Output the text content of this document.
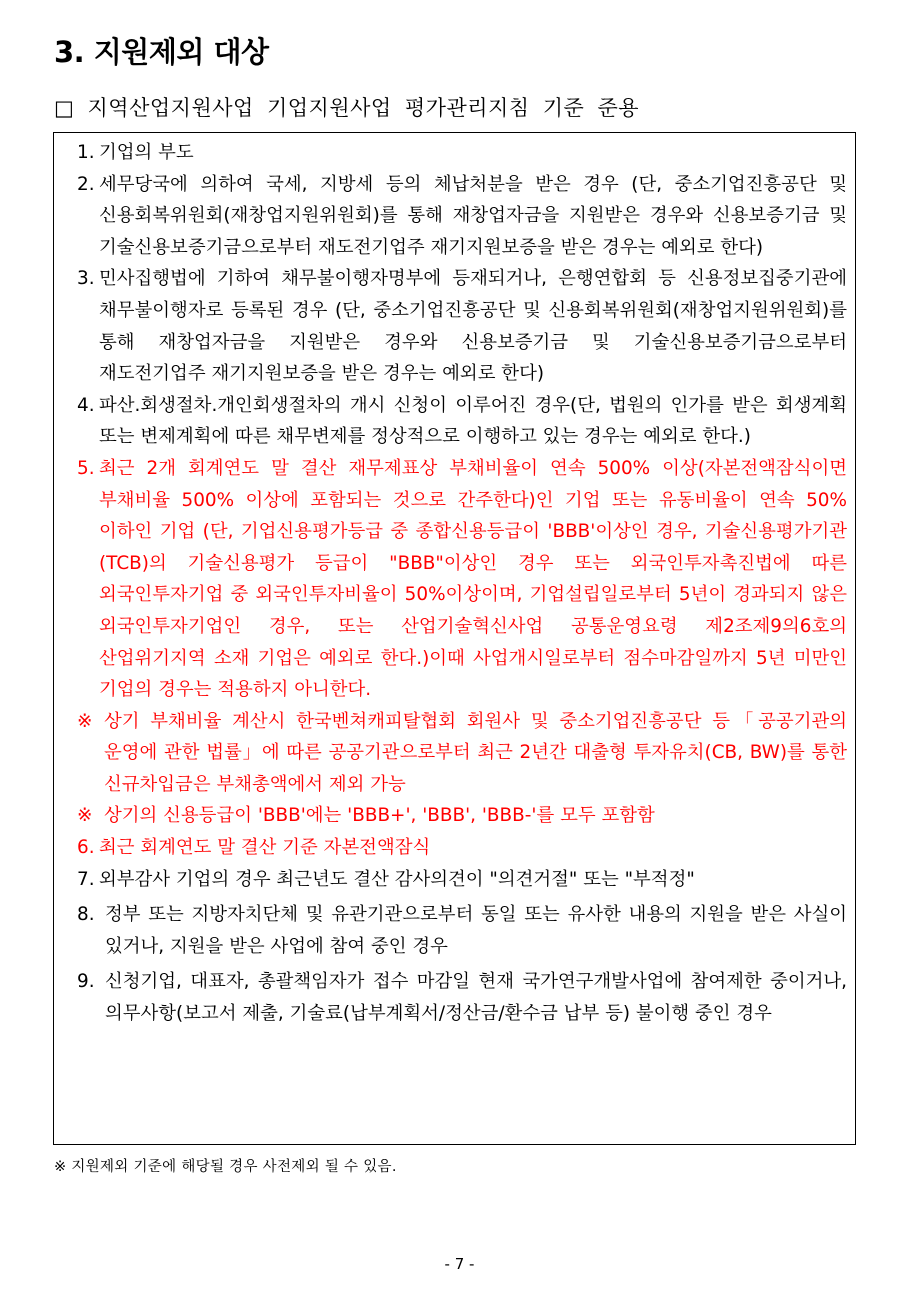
3. 지원제외 대상
□ 지역산업지원사업 기업지원사업 평가관리지침 기준 준용
1. 기업의 부도
2. 세무당국에 의하여 국세, 지방세 등의 체납처분을 받은 경우 (단, 중소기업진흥공단 및 신용회복위원회(재창업지원위원회)를 통해 재창업자금을 지원받은 경우와 신용보증기금 및 기술신용보증기금으로부터 재도전기업주 재기지원보증을 받은 경우는 예외로 한다)
3. 민사집행법에 기하여 채무불이행자명부에 등재되거나, 은행연합회 등 신용정보집중기관에 채무불이행자로 등록된 경우 (단, 중소기업진흥공단 및 신용회복위원회(재창업지원위원회)를 통해 재창업자금을 지원받은 경우와 신용보증기금 및 기술신용보증기금으로부터 재도전기업주 재기지원보증을 받은 경우는 예외로 한다)
4. 파산.회생절차.개인회생절차의 개시 신청이 이루어진 경우(단, 법원의 인가를 받은 회생계획 또는 변제계획에 따른 채무변제를 정상적으로 이행하고 있는 경우는 예외로 한다.)
5. 최근 2개 회계연도 말 결산 재무제표상 부채비율이 연속 500% 이상(자본전액잠식이면 부채비율 500% 이상에 포함되는 것으로 간주한다)인 기업 또는 유동비율이 연속 50% 이하인 기업 (단, 기업신용평가등급 중 종합신용등급이 'BBB'이상인 경우, 기술신용평가기관(TCB)의 기술신용평가 등급이 "BBB"이상인 경우 또는 외국인투자촉진법에 따른 외국인투자기업 중 외국인투자비율이 50%이상이며, 기업설립일로부터 5년이 경과되지 않은 외국인투자기업인 경우, 또는 산업기술혁신사업 공통운영요령 제2조제9의6호의 산업위기지역 소재 기업은 예외로 한다.)이때 사업개시일로부터 점수마감일까지 5년 미만인 기업의 경우는 적용하지 아니한다.
※ 상기 부채비율 계산시 한국벤쳐캐피탈협회 회원사 및 중소기업진흥공단 등「공공기관의 운영에 관한 법률」에 따른 공공기관으로부터 최근 2년간 대출형 투자유치(CB, BW)를 통한 신규차입금은 부채총액에서 제외 가능
※ 상기의 신용등급이 'BBB'에는 'BBB+', 'BBB', 'BBB-'를 모두 포함함
6. 최근 회계연도 말 결산 기준 자본전액잠식
7. 외부감사 기업의 경우 최근년도 결산 감사의견이 "의견거절" 또는 "부적정"
8. 정부 또는 지방자치단체 및 유관기관으로부터 동일 또는 유사한 내용의 지원을 받은 사실이 있거나, 지원을 받은 사업에 참여 중인 경우
9. 신청기업, 대표자, 총괄책임자가 접수 마감일 현재 국가연구개발사업에 참여제한 중이거나, 의무사항(보고서 제출, 기술료(납부계획서/정산금/환수금 납부 등) 불이행 중인 경우
※ 지원제외 기준에 해당될 경우 사전제외 될 수 있음.
- 7 -
